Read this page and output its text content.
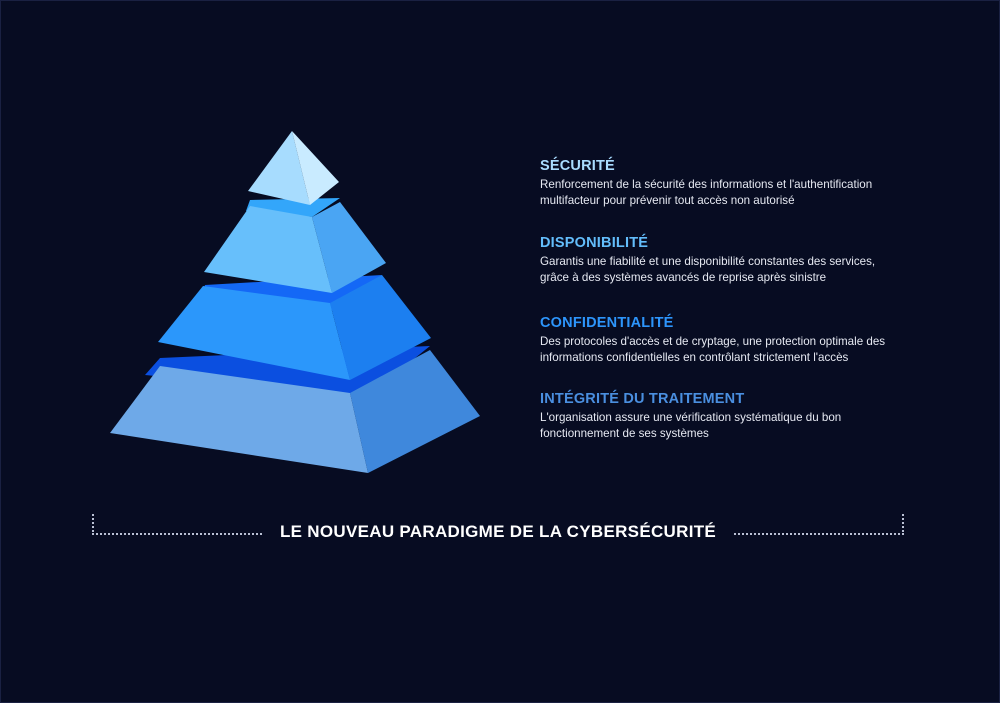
SÉCURITÉ

Renforcement de la sécurité des informations et l'authentification
multifacteur pour prévenir tout accès non autorisé

DISPONIBILITÉ

Garantis une fiabilité et une disponibilité constantes des services,
grâce à des systèmes avancés de reprise après sinistre

CONFIDENTIALITÉ

Des protocoles d'accès et de cryptage, une protection optimale des
informations confidentielles en contrôlant strictement l'accès

INTÉGRITÉ DU TRAITEMENT

L'organisation assure une vérification systématique du bon
fonctionnement de ses systèmes

LE NOUVEAU PARADIGME DE LA CYBERSÉCURITÉ
